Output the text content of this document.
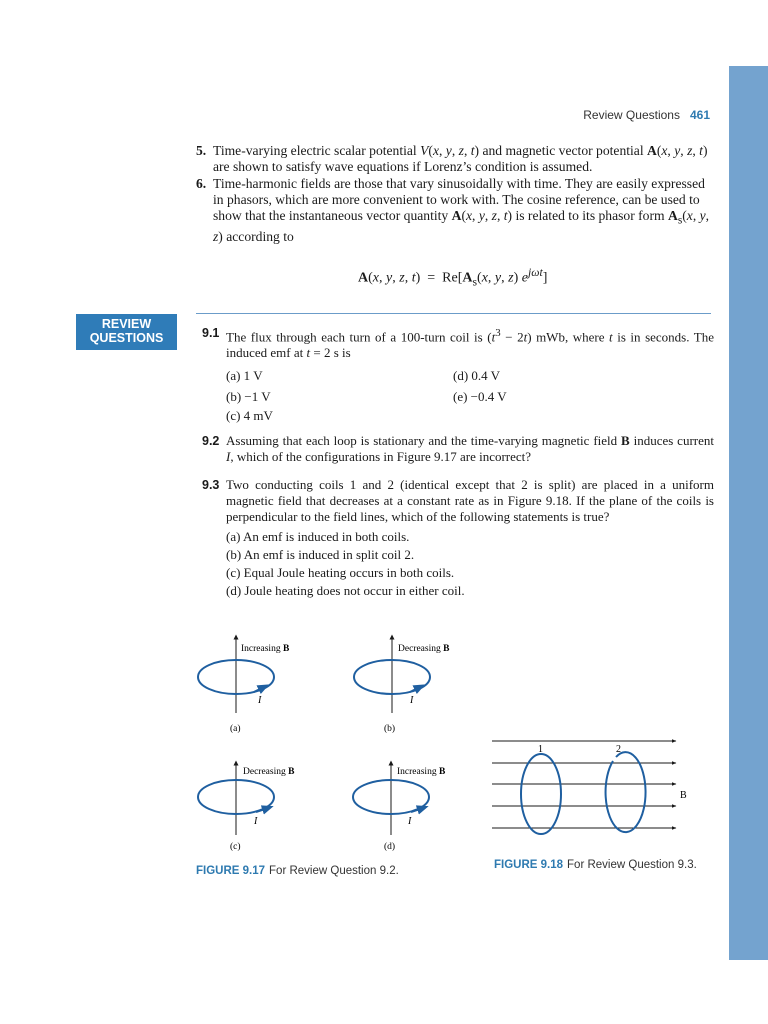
Review Questions 461
5. Time-varying electric scalar potential V(x, y, z, t) and magnetic vector potential A(x, y, z, t) are shown to satisfy wave equations if Lorenz’s condition is assumed.
6. Time-harmonic fields are those that vary sinusoidally with time. They are easily expressed in phasors, which are more convenient to work with. The cosine reference, can be used to show that the instantaneous vector quantity A(x, y, z, t) is related to its phasor form $A_s(x$, y, z) according to
A(x, y, z, $t) = Re[A_s(x$, y, z) $e^{j\omega t}$]
REVIEW
QUESTIONS	9.1 The flux through each turn of a 100-turn coil is $(t^3 - 2t)$ mWb, where t is in seconds. The induced emf at t = 2 s is
(a) 1 V	(d) 0.4 V
(b) −1 V	(e) −0.4 V
(c) 4 mV
9.2 Assuming that each loop is stationary and the time-varying magnetic field B induces current I, which of the configurations in Figure 9.17 are incorrect?
9.3 Two conducting coils 1 and 2 (identical except that 2 is split) are placed in a uniform magnetic field that decreases at a constant rate as in Figure 9.18. If the plane of the coils is perpendicular to the field lines, which of the following statements is true?
(a) An emf is induced in both coils.
(b) An emf is induced in split coil 2.
(c) Equal Joule heating occurs in both coils.
(d) Joule heating does not occur in either coil.
Increasing B
I
(a)
Decreasing B
I
(b)
Decreasing B
I
(c)
Increasing B
I
(d)
FIGURE 9.17 For Review Question 9.2.
1	2
B
FIGURE 9.18 For Review Question 9.3.
